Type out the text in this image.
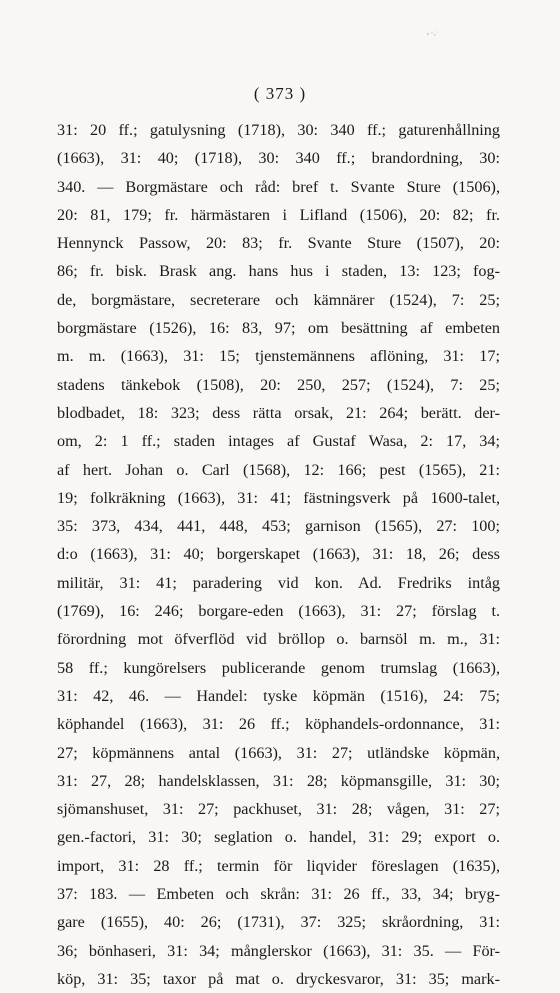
( 373 )
31: 20 ff.; gatulysning (1718), 30: 340 ff.; gaturenhållning
(1663), 31: 40; (1718), 30: 340 ff.; brandordning, 30:
340. — Borgmästare och råd: bref t. Svante Sture (1506),
20: 81, 179; fr. härmästaren i Lifland (1506), 20: 82; fr.
Hennynck Passow, 20: 83; fr. Svante Sture (1507), 20:
86; fr. bisk. Brask ang. hans hus i staden, 13: 123; fog-
de, borgmästare, secreterare och kämnärer (1524), 7: 25;
borgmästare (1526), 16: 83, 97; om besättning af embeten
m. m. (1663), 31: 15; tjenstemännens aflöning, 31: 17;
stadens tänkebok (1508), 20: 250, 257; (1524), 7: 25;
blodbadet, 18: 323; dess rätta orsak, 21: 264; berätt. der-
om, 2: 1 ff.; staden intages af Gustaf Wasa, 2: 17, 34;
af hert. Johan o. Carl (1568), 12: 166; pest (1565), 21:
19; folkräkning (1663), 31: 41; fästningsverk på 1600-talet,
35: 373, 434, 441, 448, 453; garnison (1565), 27: 100;
d:o (1663), 31: 40; borgerskapet (1663), 31: 18, 26; dess
militär, 31: 41; paradering vid kon. Ad. Fredriks intåg
(1769), 16: 246; borgare-eden (1663), 31: 27; förslag t.
förordning mot öfverflöd vid bröllop o. barnsöl m. m., 31:
58 ff.; kungörelsers publicerande genom trumslag (1663),
31: 42, 46. — Handel: tyske köpmän (1516), 24: 75;
köphandel (1663), 31: 26 ff.; köphandels-ordonnance, 31:
27; köpmännens antal (1663), 31: 27; utländske köpmän,
31: 27, 28; handelsklassen, 31: 28; köpmansgille, 31: 30;
sjömanshuset, 31: 27; packhuset, 31: 28; vågen, 31: 27;
gen.-factori, 31: 30; seglation o. handel, 31: 29; export o.
import, 31: 28 ff.; termin för liqvider föreslagen (1635),
37: 183. — Embeten och skrån: 31: 26 ff., 33, 34; bryg-
gare (1655), 40: 26; (1731), 37: 325; skråordning, 31:
36; bönhaseri, 31: 34; månglerskor (1663), 31: 35. — För-
köp, 31: 35; taxor på mat o. dryckesvaror, 31: 35; mark-
